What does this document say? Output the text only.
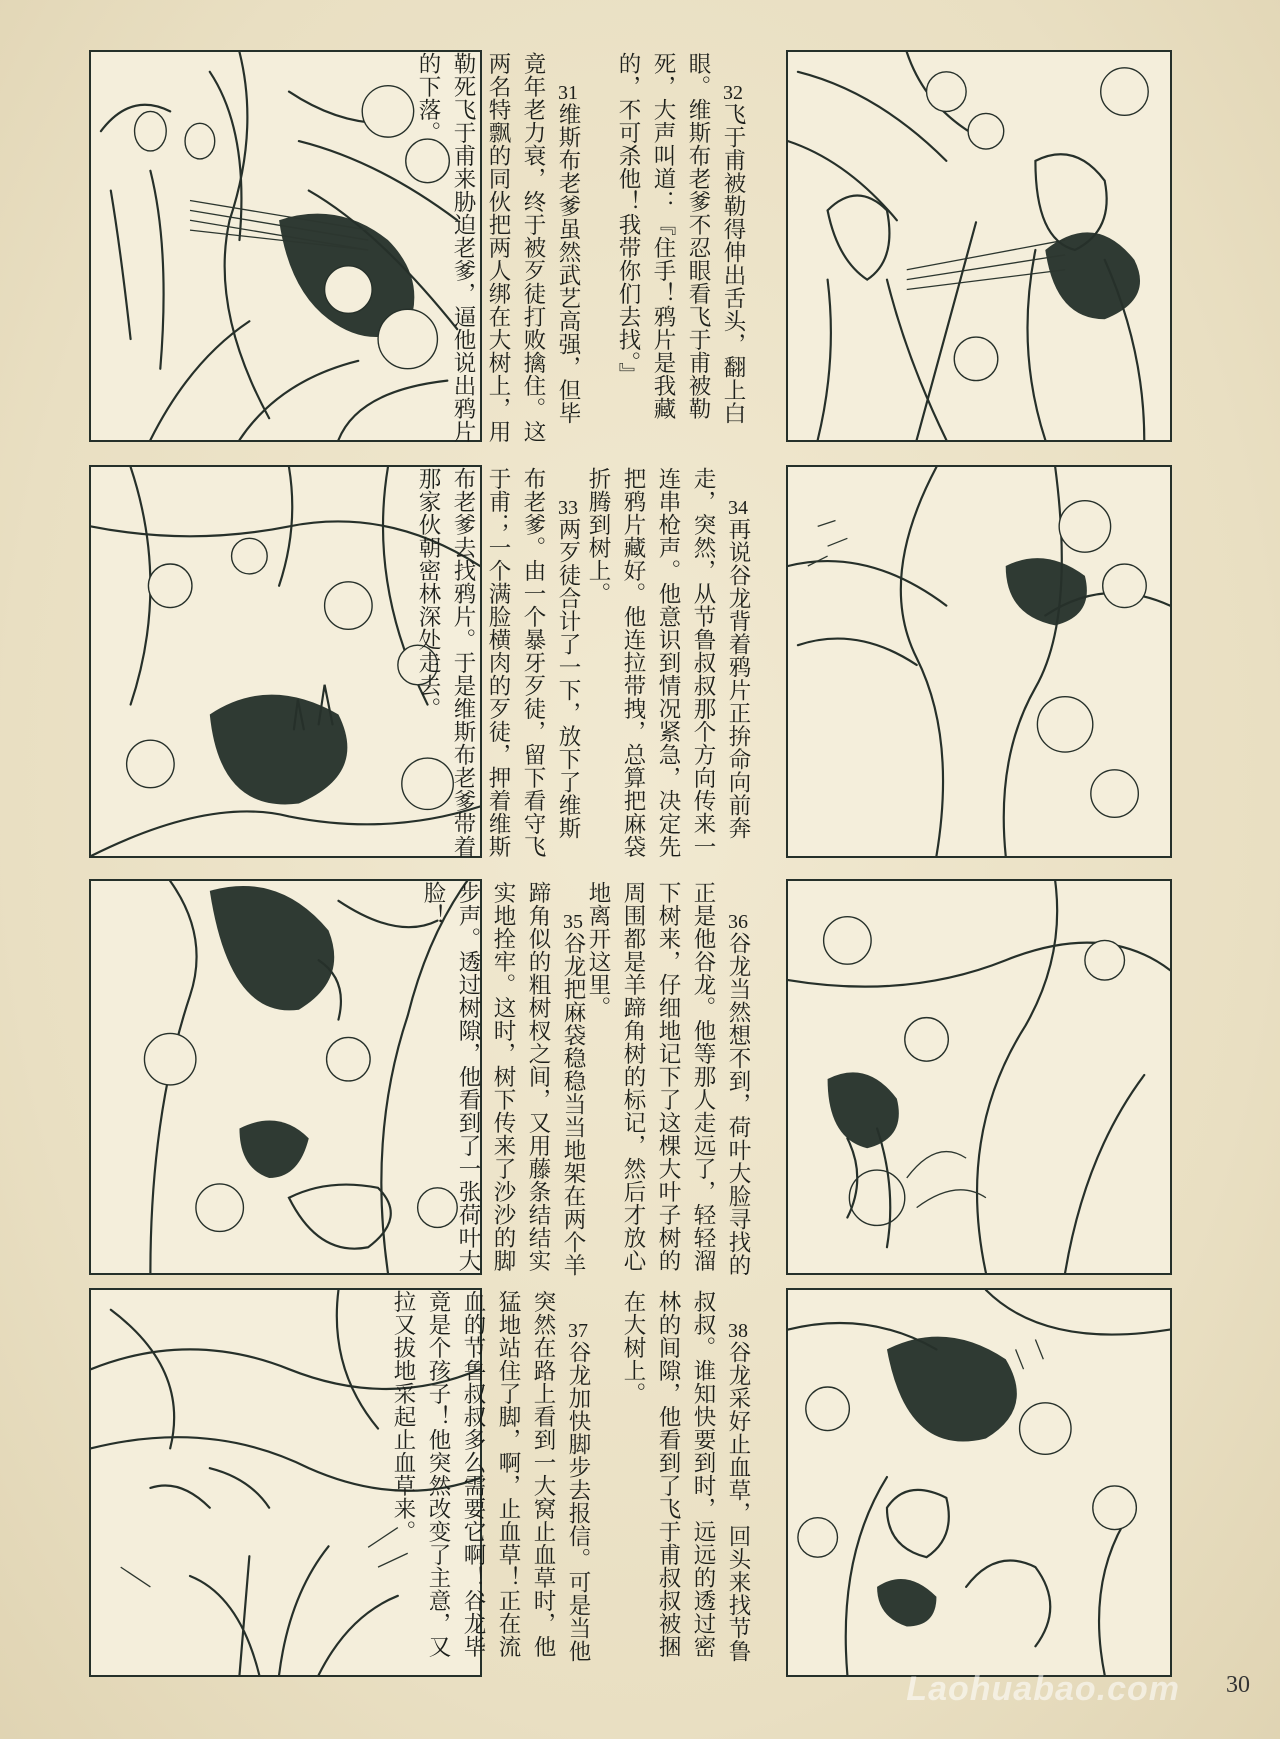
31维斯布老爹虽然武艺高强，但毕竟年老力衰，终于被歹徒打败擒住。这两名特飘的同伙把两人绑在大树上，用勒死飞于甫来胁迫老爹，逼他说出鸦片的下落。
	32飞于甫被勒得伸出舌头，翻上白眼。维斯布老爹不忍眼看飞于甫被勒死，大声叫道：『住手！鸦片是我藏的，不可杀他！我带你们去找。』

33两歹徒合计了一下，放下了维斯布老爹。由一个暴牙歹徒，留下看守飞于甫；一个满脸横肉的歹徒，押着维斯布老爹去找鸦片。于是维斯布老爹带着那家伙朝密林深处走去。
	34再说谷龙背着鸦片正拚命向前奔走，突然，从节鲁叔叔那个方向传来一连串枪声。他意识到情况紧急，决定先把鸦片藏好。他连拉带拽，总算把麻袋折腾到树上。

35谷龙把麻袋稳稳当当地架在两个羊蹄角似的粗树杈之间，又用藤条结结实实地拴牢。这时，树下传来了沙沙的脚步声。透过树隙，他看到了一张荷叶大脸！
	36谷龙当然想不到，荷叶大脸寻找的正是他谷龙。他等那人走远了，轻轻溜下树来，仔细地记下了这棵大叶子树的周围都是羊蹄角树的标记，然后才放心地离开这里。

37谷龙加快脚步去报信。可是当他突然在路上看到一大窝止血草时，他猛地站住了脚，啊，止血草！正在流血的节鲁叔叔多么需要它啊！谷龙毕竟是个孩子！他突然改变了主意，又拉又拔地采起止血草来。
	38谷龙采好止血草，回头来找节鲁叔叔。谁知快要到时，远远的透过密林的间隙，他看到了飞于甫叔叔被捆在大树上。

Laohuabao.com 30
